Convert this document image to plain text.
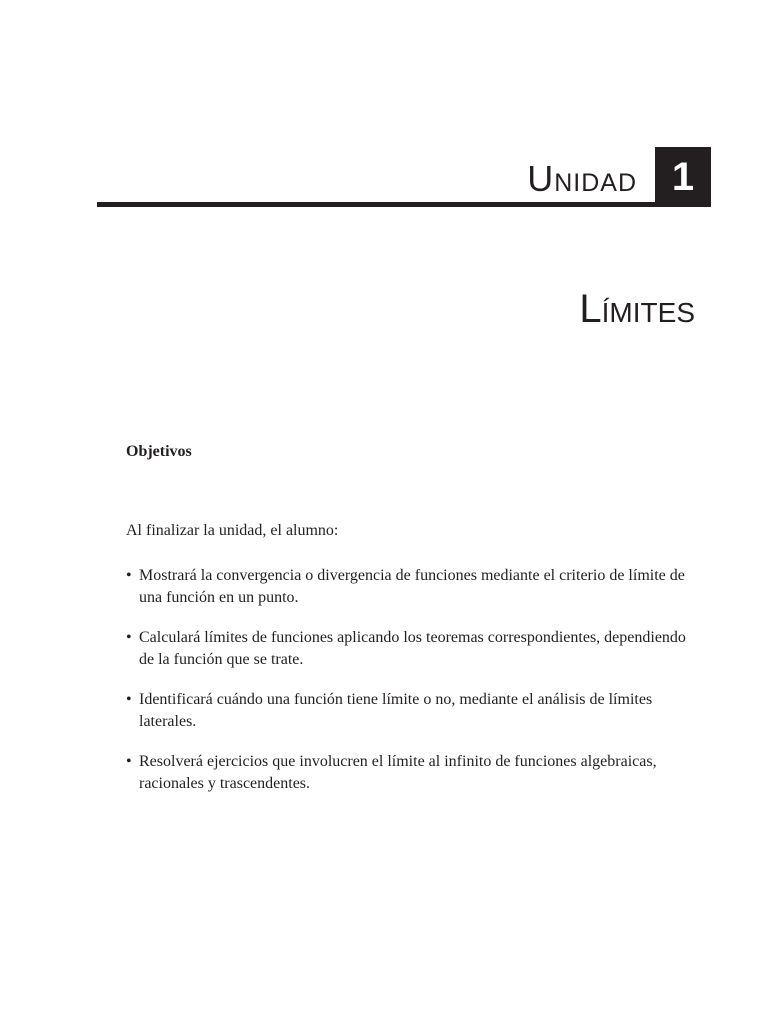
Unidad 1
Límites
Objetivos
Al finalizar la unidad, el alumno:
• Mostrará la convergencia o divergencia de funciones mediante el criterio de límite de una función en un punto.
• Calculará límites de funciones aplicando los teoremas correspondientes, dependiendo de la función que se trate.
• Identificará cuándo una función tiene límite o no, mediante el análisis de límites laterales.
• Resolverá ejercicios que involucren el límite al infinito de funciones algebraicas, racionales y trascendentes.
